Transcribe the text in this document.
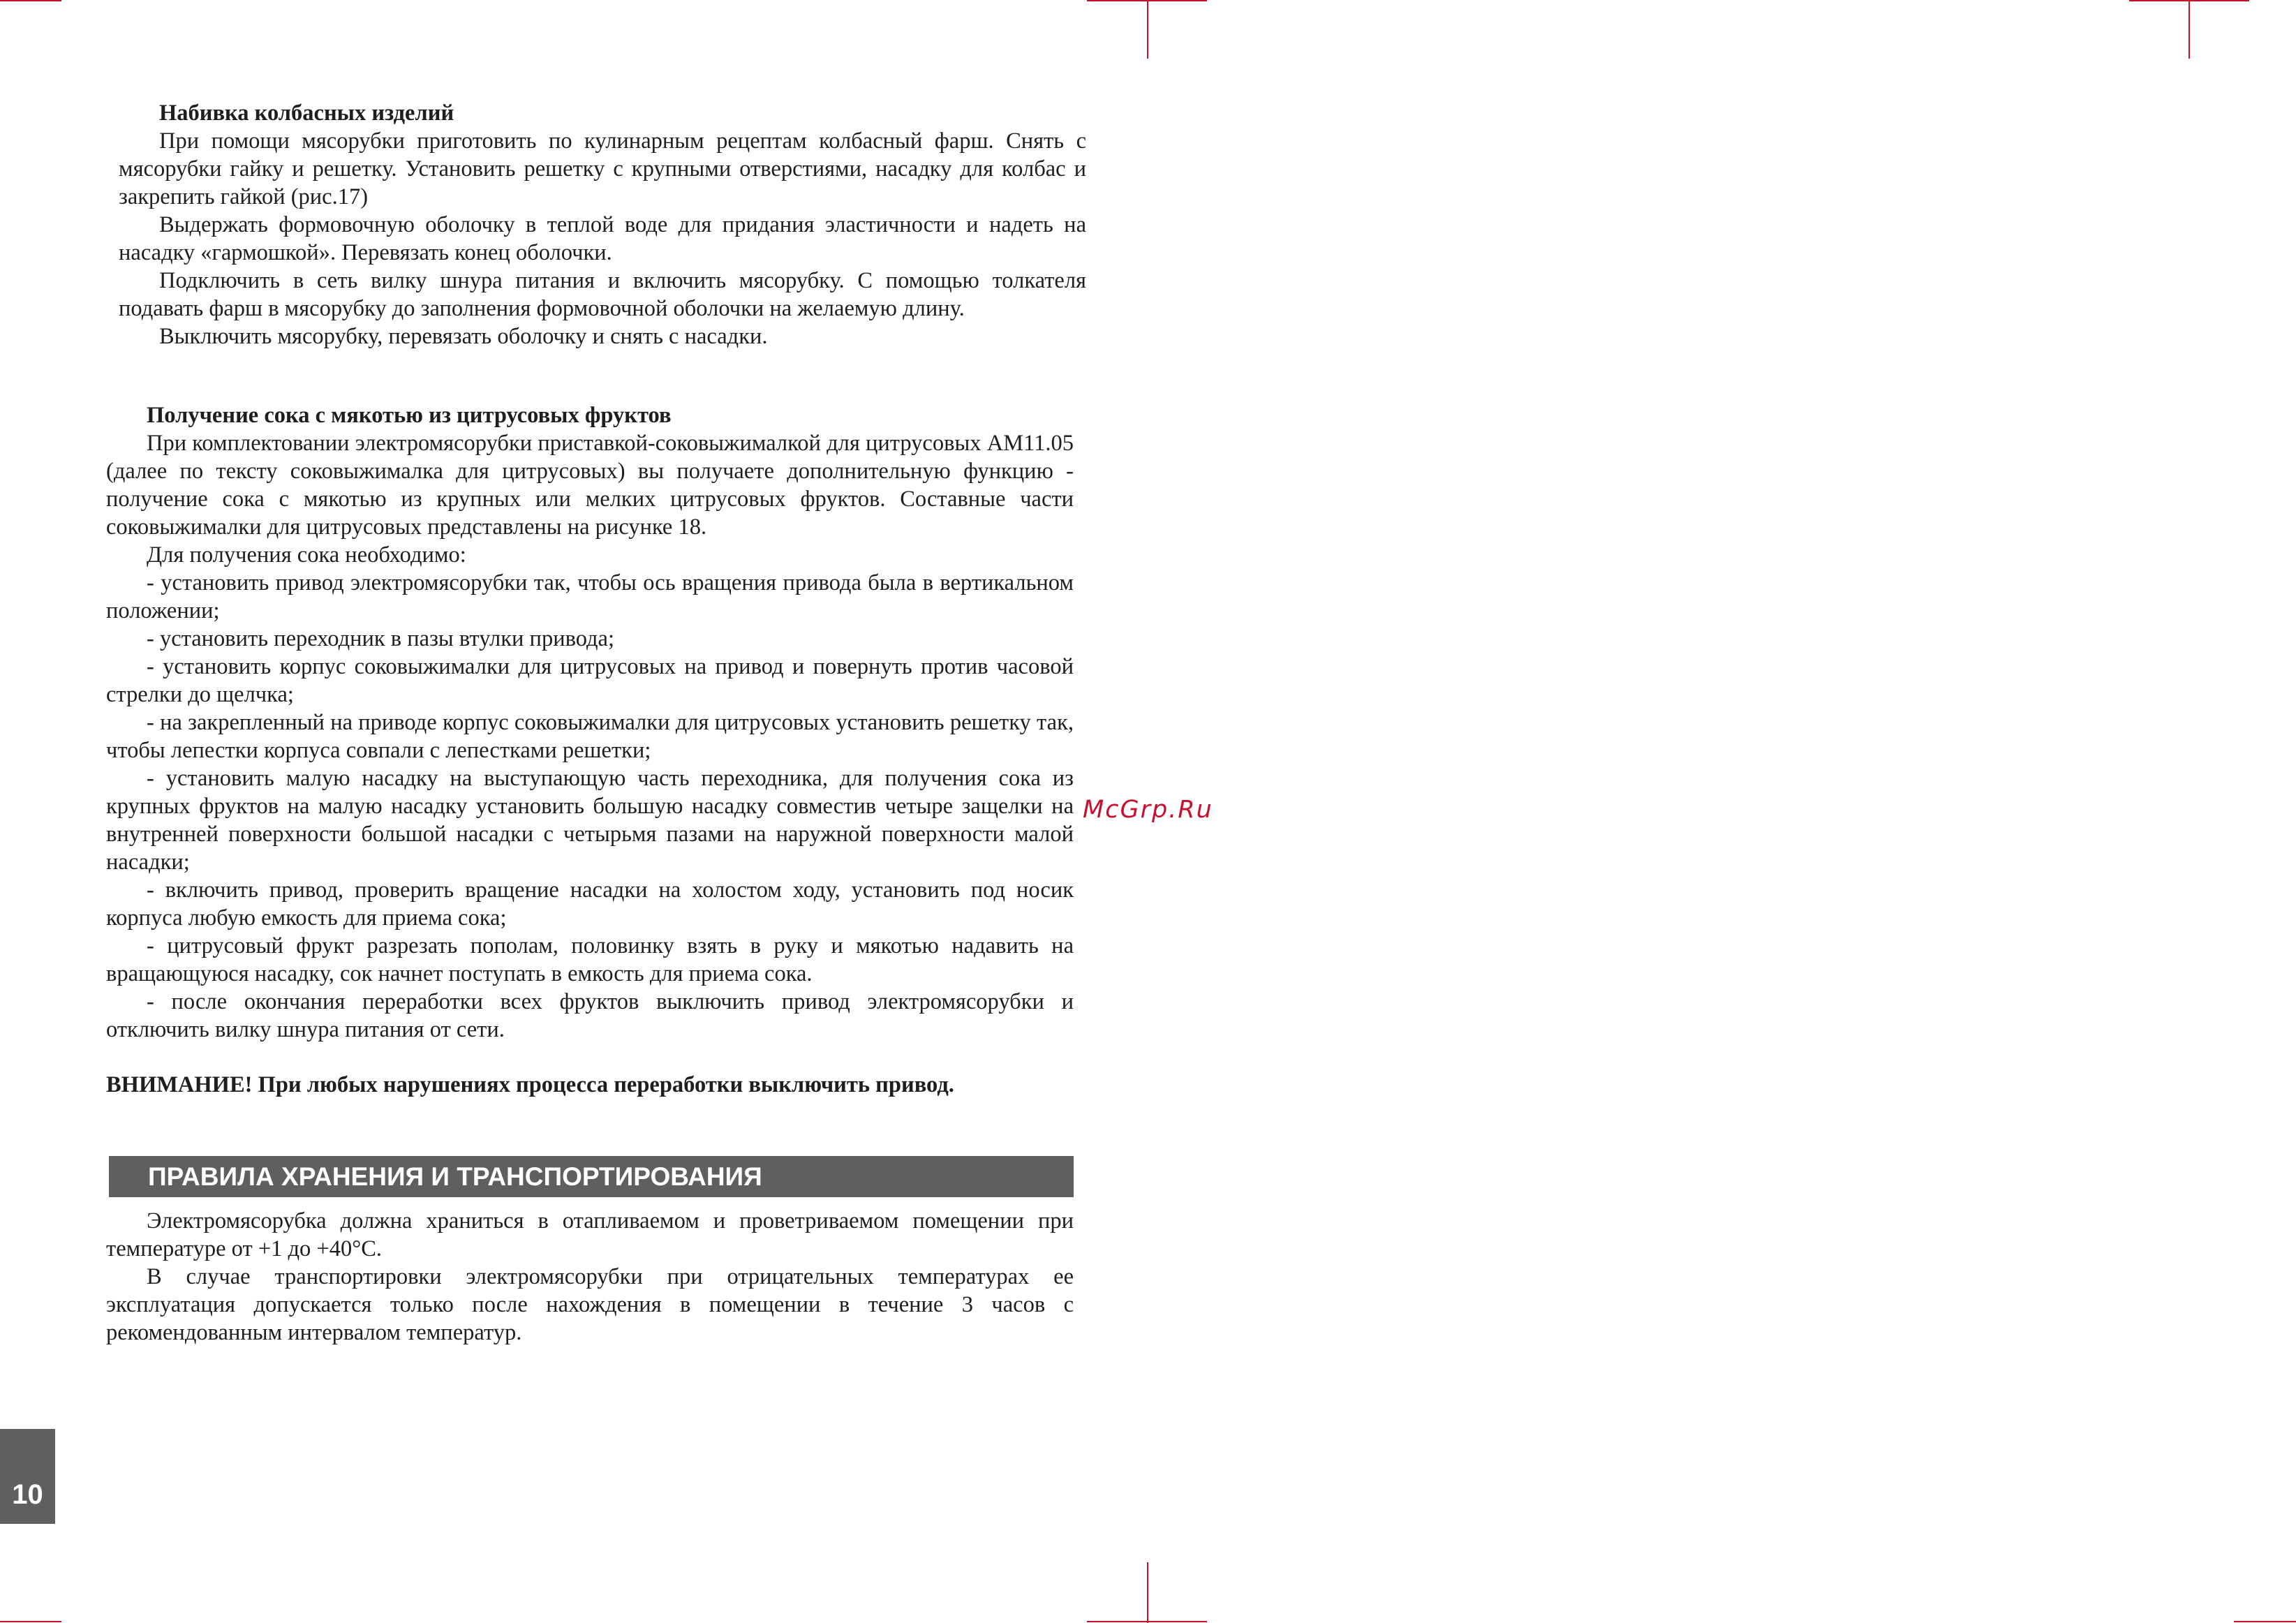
Набивка колбасных изделий

При помощи мясорубки приготовить по кулинарным рецептам колбасный фарш. Снять с мясорубки гайку и решетку. Установить решетку с крупными отверстиями, насадку для колбас и закрепить гайкой (рис.17)

Выдержать формовочную оболочку в теплой воде для придания эластичности и надеть на насадку «гармошкой». Перевязать конец оболочки.

Подключить в сеть вилку шнура питания и включить мясорубку. С помощью толкателя подавать фарш в мясорубку до заполнения формовочной оболочки на желаемую длину.

Выключить мясорубку, перевязать оболочку и снять с насадки.

Получение сока с мякотью из цитрусовых фруктов

При комплектовании электромясорубки приставкой-соковыжималкой для цитрусовых АМ11.05 (далее по тексту соковыжималка для цитрусовых) вы получаете дополнительную функцию - получение сока с мякотью из крупных или мелких цитрусовых фруктов. Составные части соковыжималки для цитрусовых представлены на рисунке 18.

Для получения сока необходимо:

- установить привод электромясорубки так, чтобы ось вращения привода была в вертикальном положении;

- установить переходник в пазы втулки привода;

- установить корпус соковыжималки для цитрусовых на привод и повернуть против часовой стрелки до щелчка;

- на закрепленный на приводе корпус соковыжималки для цитрусовых установить решетку так, чтобы лепестки корпуса совпали с лепестками решетки;

- установить малую насадку на выступающую часть переходника, для получения сока из крупных фруктов на малую насадку установить большую насадку совместив четыре защелки на внутренней поверхности большой насадки с четырьмя пазами на наружной поверхности малой насадки;

- включить привод, проверить вращение насадки на холостом ходу, установить под носик корпуса любую емкость для приема сока;

- цитрусовый фрукт разрезать пополам, половинку взять в руку и мякотью надавить на вращающуюся насадку, сок начнет поступать в емкость для приема сока.

- после окончания переработки всех фруктов выключить привод электромясорубки и отключить вилку шнура питания от сети.

ВНИМАНИЕ! При любых нарушениях процесса переработки выключить привод.
ПРАВИЛА ХРАНЕНИЯ И ТРАНСПОРТИРОВАНИЯ

Электромясорубка должна храниться в отапливаемом и проветриваемом помещении при температуре от +1 до +40°С.

В случае транспортировки электромясорубки при отрицательных температурах ее эксплуатация допускается только после нахождения в помещении в течение 3 часов с рекомендованным интервалом температур.

McGrp.Ru
10
